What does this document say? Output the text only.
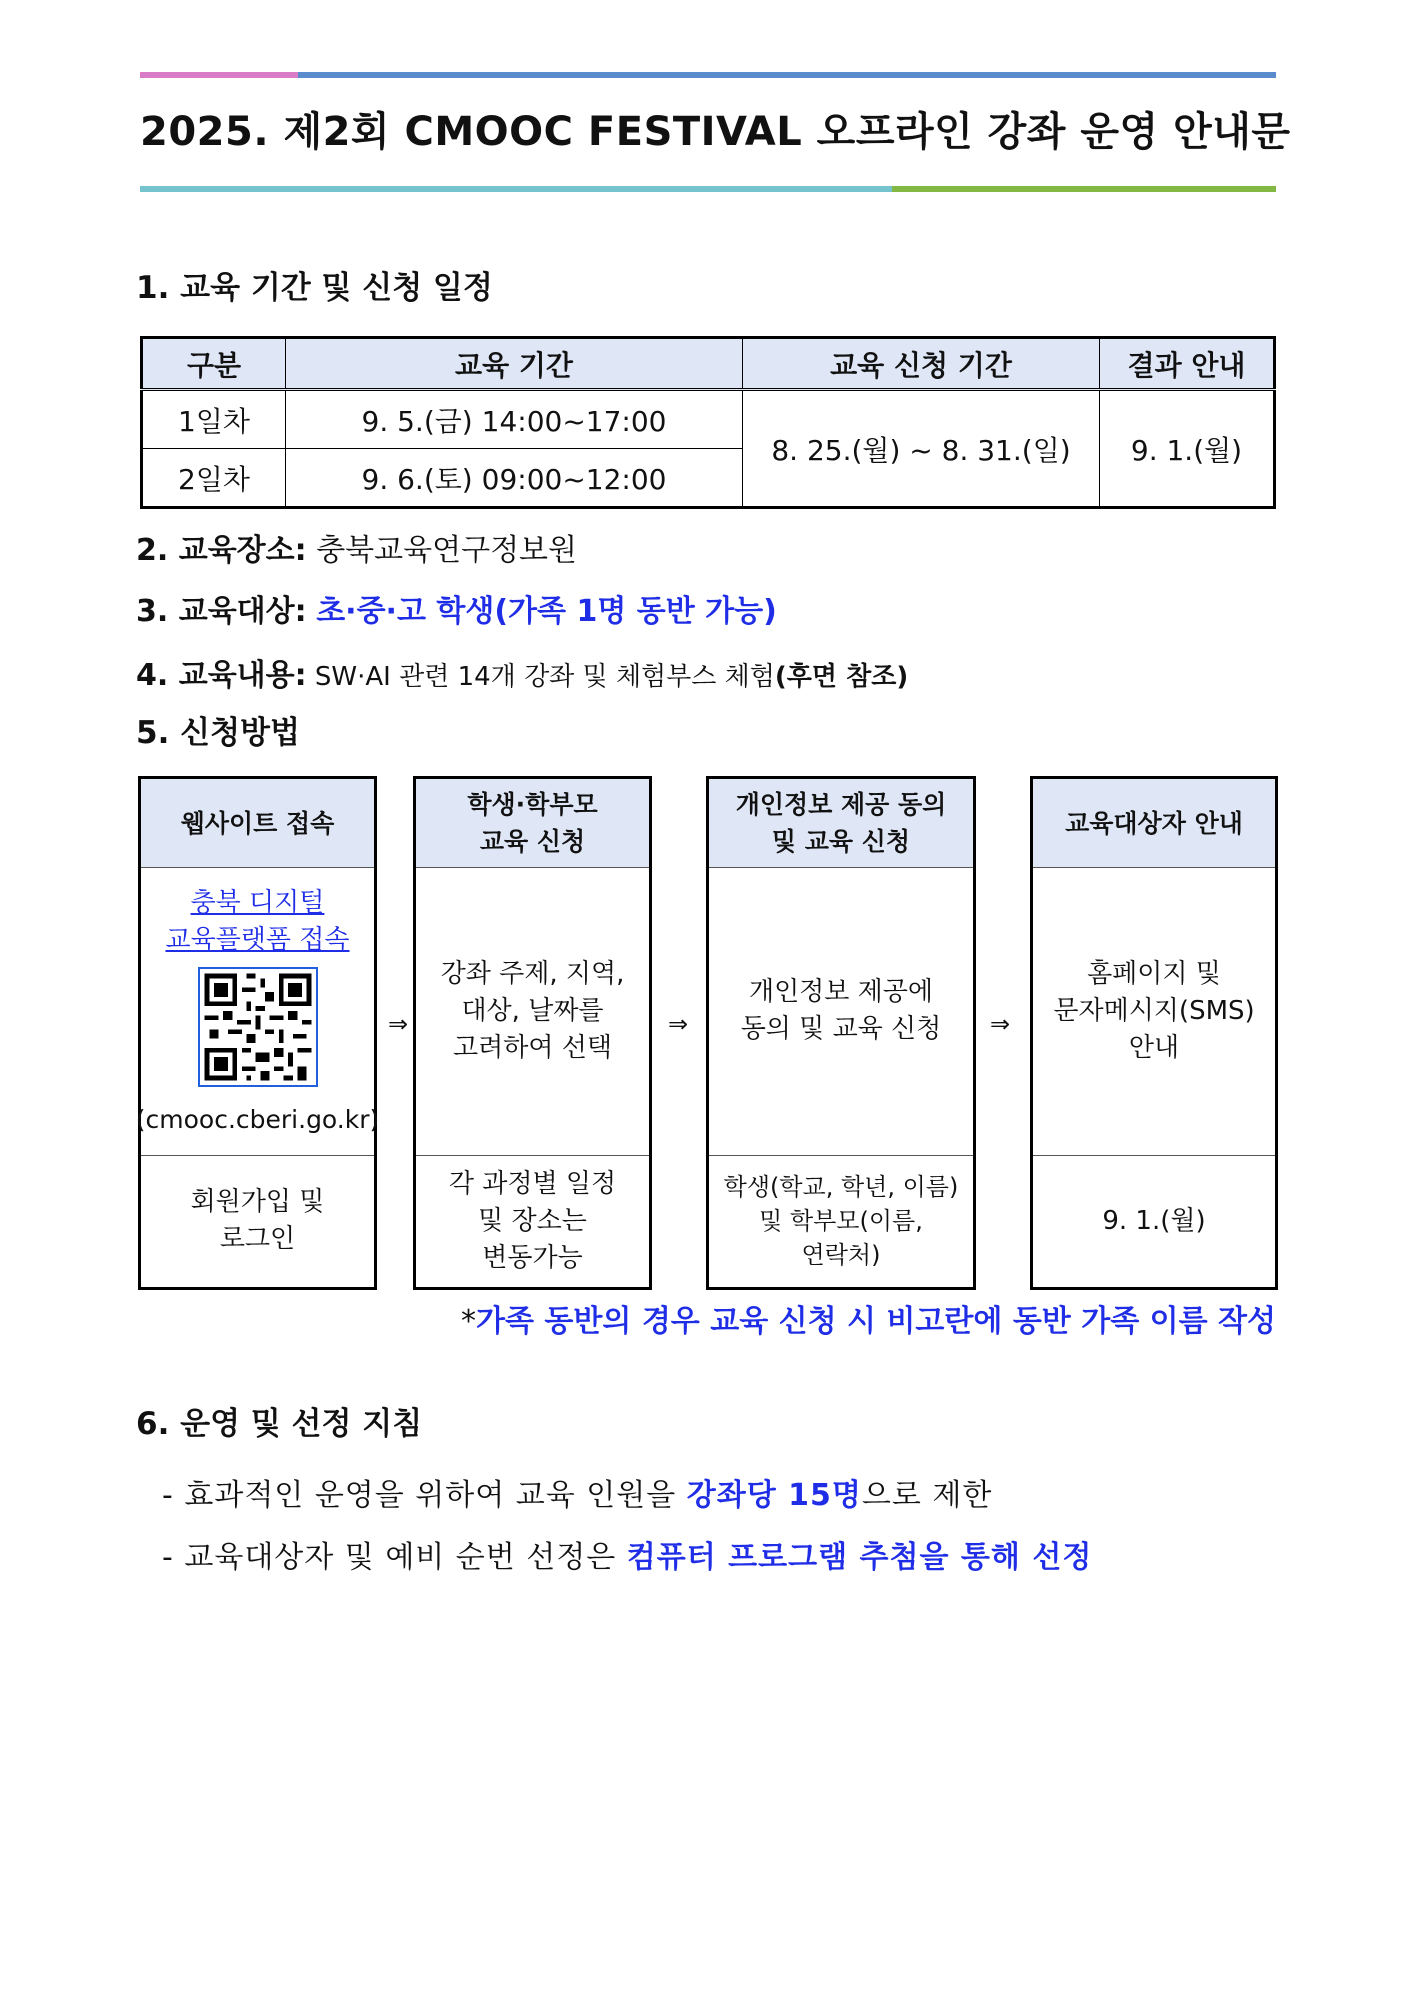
2025. 제2회 CMOOC FESTIVAL 오프라인 강좌 운영 안내문
1. 교육 기간 및 신청 일정
구분	교육 기간	교육 신청 기간	결과 안내
1일차	9. 5.(금) 14:00~17:00	8. 25.(월) ~ 8. 31.(일)	9. 1.(월)
2일차	9. 6.(토) 09:00~12:00		
2. 교육장소: 충북교육연구정보원
3. 교육대상: 초·중·고 학생(가족 1명 동반 가능)
4. 교육내용: SW·AI 관련 14개 강좌 및 체험부스 체험(후면 참조)
5. 신청방법
웹사이트 접속
충북 디지털
교육플랫폼 접속
(cmooc.cberi.go.kr)
회원가입 및
로그인
⇒
학생·학부모
교육 신청
강좌 주제, 지역,
대상, 날짜를
고려하여 선택
각 과정별 일정
및 장소는
변동가능
⇒
개인정보 제공 동의
및 교육 신청
개인정보 제공에
동의 및 교육 신청
학생(학교, 학년, 이름)
및 학부모(이름,
연락처)
⇒
교육대상자 안내
홈페이지 및
문자메시지(SMS)
안내
9. 1.(월)
*가족 동반의 경우 교육 신청 시 비고란에 동반 가족 이름 작성
6. 운영 및 선정 지침
- 효과적인 운영을 위하여 교육 인원을 강좌당 15명으로 제한
- 교육대상자 및 예비 순번 선정은 컴퓨터 프로그램 추첨을 통해 선정
